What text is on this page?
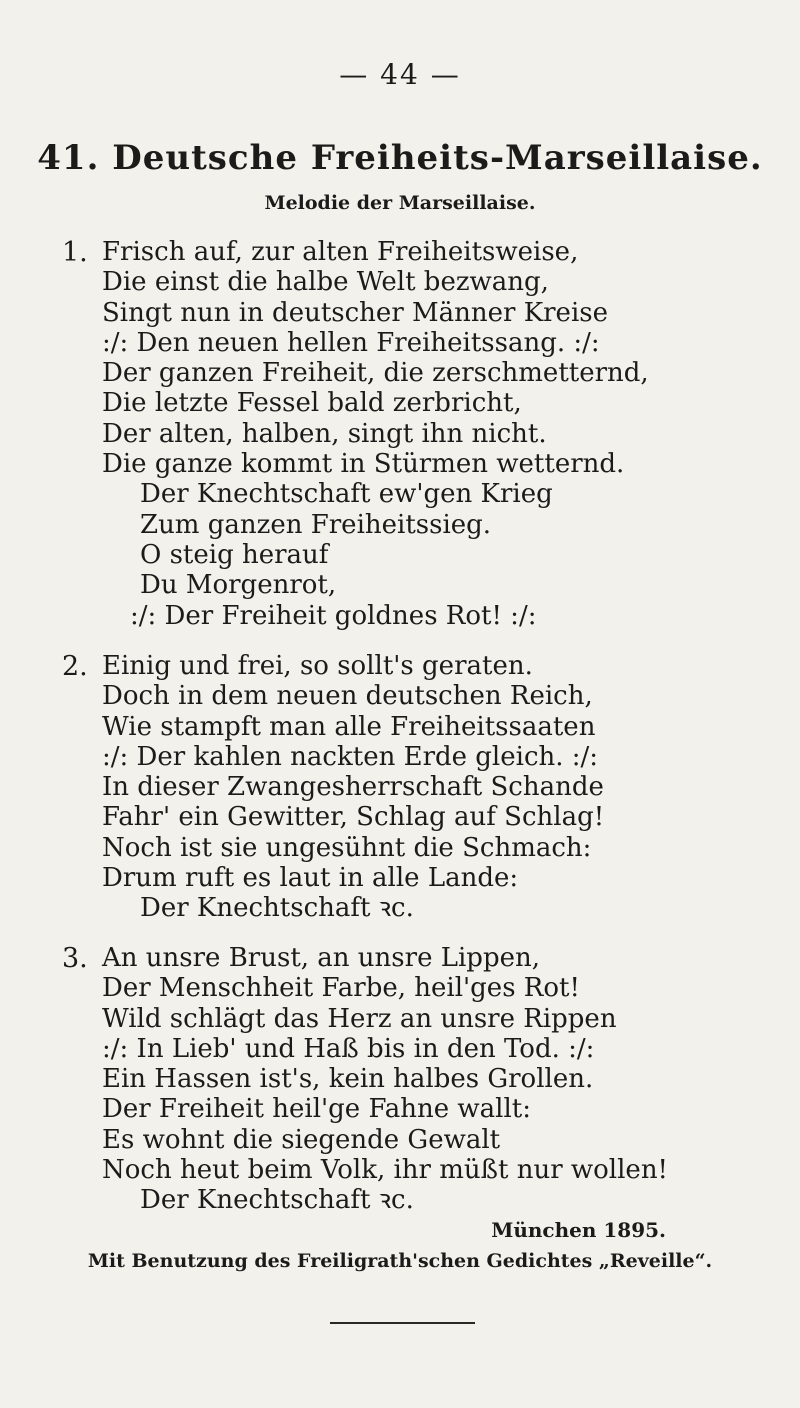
— 44 —
41. Deutsche Freiheits-Marseillaise.
Melodie der Marseillaise.
1. Frisch auf, zur alten Freiheitsweise,
Die einst die halbe Welt bezwang,
Singt nun in deutscher Männer Kreise
:/: Den neuen hellen Freiheitssang. :/:
Der ganzen Freiheit, die zerschmetternd,
Die letzte Fessel bald zerbricht,
Der alten, halben, singt ihn nicht.
Die ganze kommt in Stürmen wetternd.
Der Knechtschaft ew'gen Krieg
Zum ganzen Freiheitssieg.
O steig herauf
Du Morgenrot,
:/: Der Freiheit goldnes Rot! :/:
2. Einig und frei, so sollt's geraten.
Doch in dem neuen deutschen Reich,
Wie stampft man alle Freiheitssaaten
:/: Der kahlen nackten Erde gleich. :/:
In dieser Zwangesherrschaft Schande
Fahr' ein Gewitter, Schlag auf Schlag!
Noch ist sie ungesühnt die Schmach:
Drum ruft es laut in alle Lande:
Der Knechtschaft ꝛc.
3. An unsre Brust, an unsre Lippen,
Der Menschheit Farbe, heil'ges Rot!
Wild schlägt das Herz an unsre Rippen
:/: In Lieb' und Haß bis in den Tod. :/:
Ein Hassen ist's, kein halbes Grollen.
Der Freiheit heil'ge Fahne wallt:
Es wohnt die siegende Gewalt
Noch heut beim Volk, ihr müßt nur wollen!
Der Knechtschaft ꝛc.
München 1895.
Mit Benutzung des Freiligrath'schen Gedichtes „Reveille“.
